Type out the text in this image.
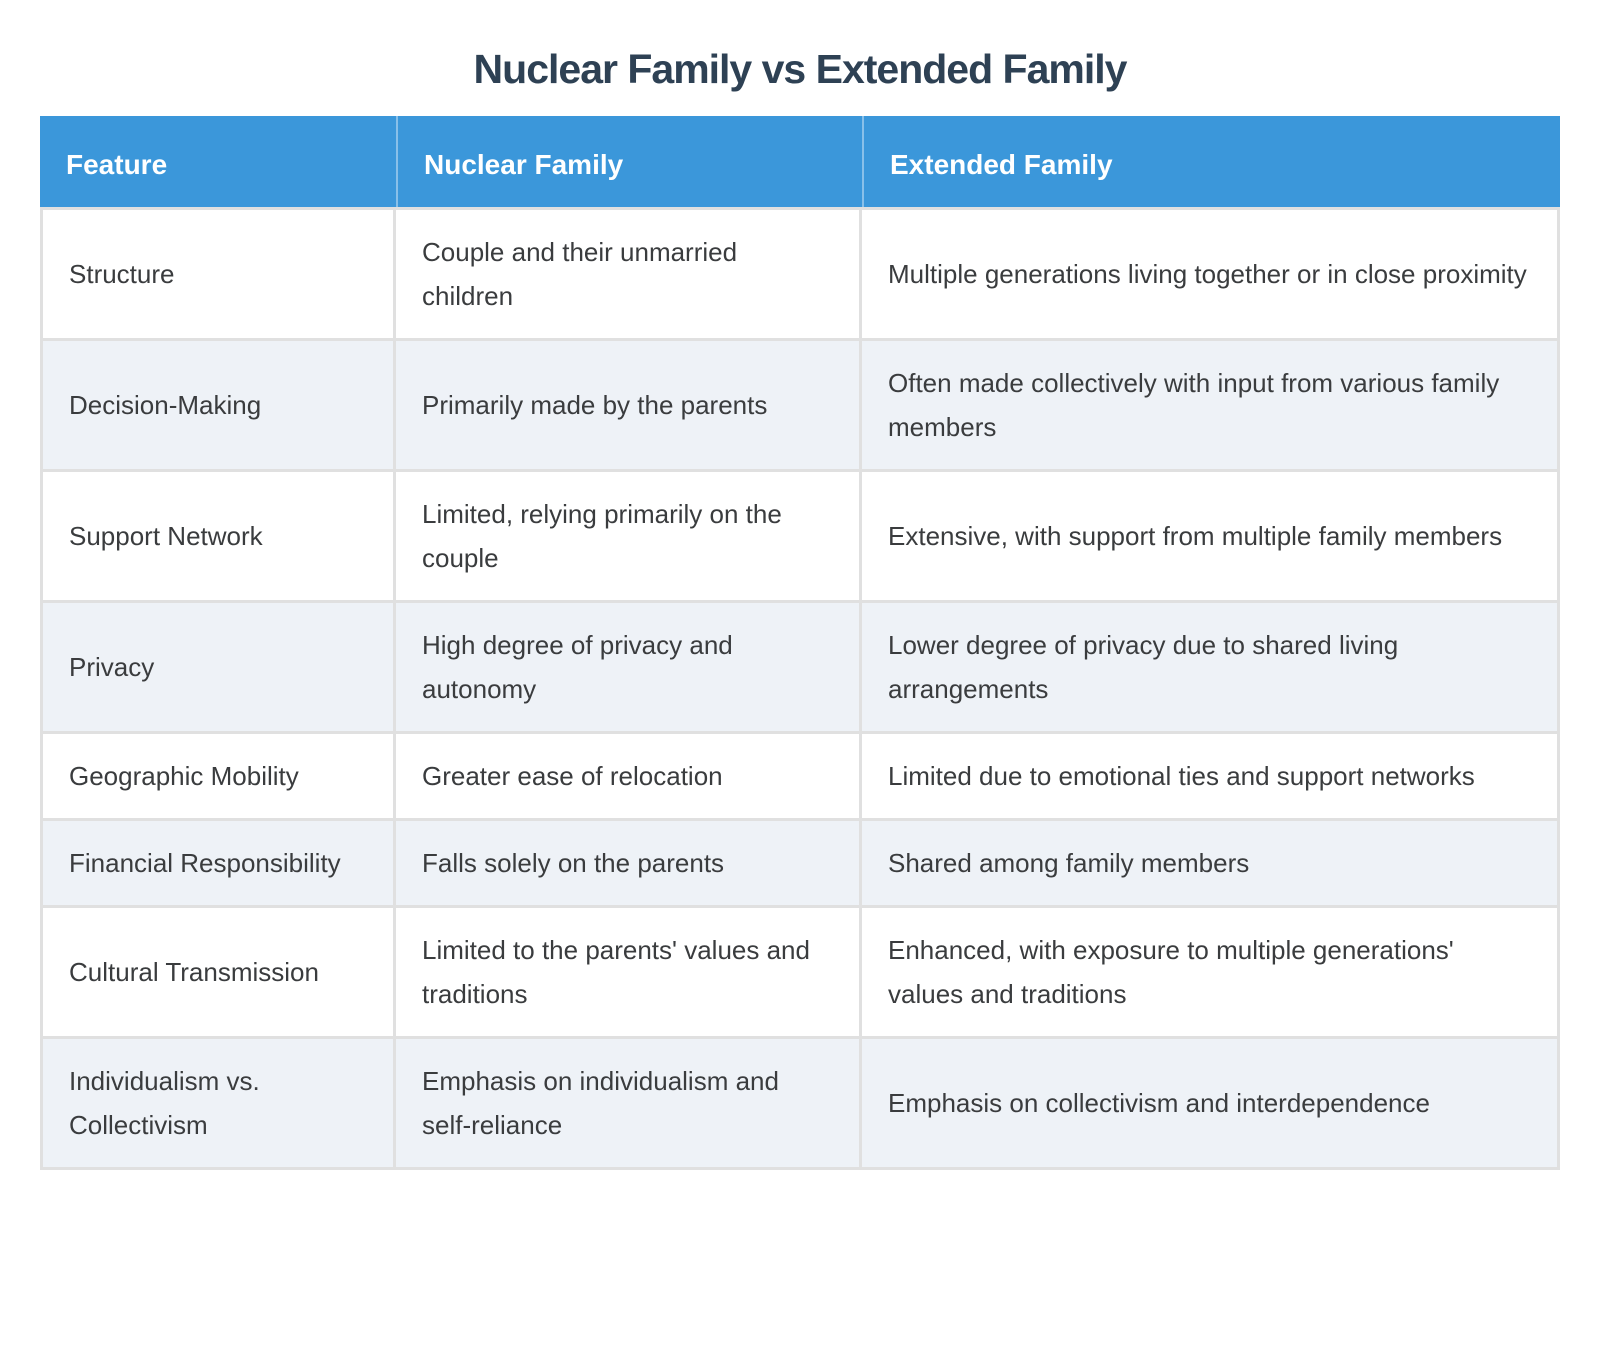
Nuclear Family vs Extended Family
Feature	Nuclear Family	Extended Family
Structure	Couple and their unmarried children	Multiple generations living together or in close proximity
Decision-Making	Primarily made by the parents	Often made collectively with input from various family members
Support Network	Limited, relying primarily on the couple	Extensive, with support from multiple family members
Privacy	High degree of privacy and autonomy	Lower degree of privacy due to shared living arrangements
Geographic Mobility	Greater ease of relocation	Limited due to emotional ties and support networks
Financial Responsibility	Falls solely on the parents	Shared among family members
Cultural Transmission	Limited to the parents' values and traditions	Enhanced, with exposure to multiple generations' values and traditions
Individualism vs. Collectivism	Emphasis on individualism and self-reliance	Emphasis on collectivism and interdependence
